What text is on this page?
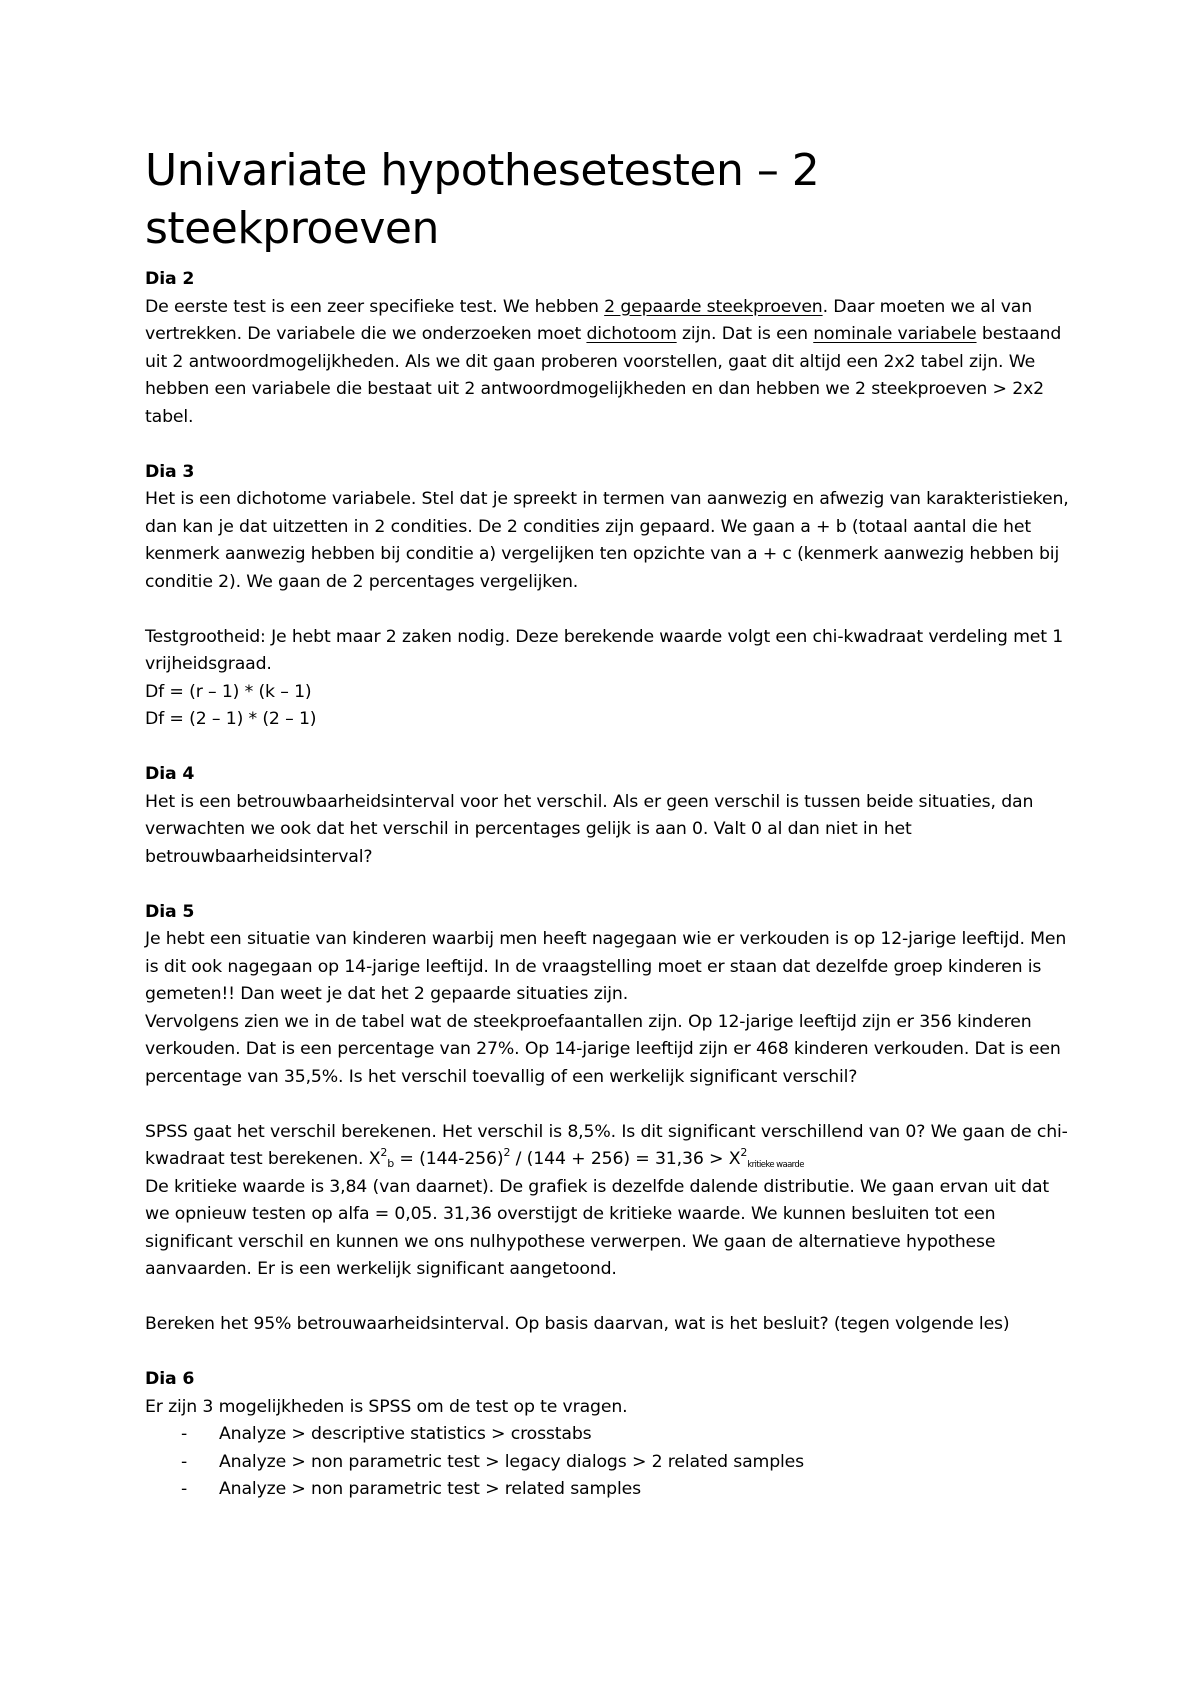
Univariate hypothesetesten – 2 steekproeven
Dia 2

De eerste test is een zeer specifieke test. We hebben 2 gepaarde steekproeven. Daar moeten we al van vertrekken. De variabele die we onderzoeken moet dichotoom zijn. Dat is een nominale variabele bestaand uit 2 antwoordmogelijkheden. Als we dit gaan proberen voorstellen, gaat dit altijd een 2x2 tabel zijn. We hebben een variabele die bestaat uit 2 antwoordmogelijkheden en dan hebben we 2 steekproeven > 2x2 tabel.

Dia 3

Het is een dichotome variabele. Stel dat je spreekt in termen van aanwezig en afwezig van karakteristieken, dan kan je dat uitzetten in 2 condities. De 2 condities zijn gepaard. We gaan a + b (totaal aantal die het kenmerk aanwezig hebben bij conditie a) vergelijken ten opzichte van a + c (kenmerk aanwezig hebben bij conditie 2). We gaan de 2 percentages vergelijken.

Testgrootheid: Je hebt maar 2 zaken nodig. Deze berekende waarde volgt een chi-kwadraat verdeling met 1 vrijheidsgraad.

Df = (r – 1) * (k – 1)

Df = (2 – 1) * (2 – 1)

Dia 4

Het is een betrouwbaarheidsinterval voor het verschil. Als er geen verschil is tussen beide situaties, dan verwachten we ook dat het verschil in percentages gelijk is aan 0. Valt 0 al dan niet in het betrouwbaarheidsinterval?

Dia 5

Je hebt een situatie van kinderen waarbij men heeft nagegaan wie er verkouden is op 12-jarige leeftijd. Men is dit ook nagegaan op 14-jarige leeftijd. In de vraagstelling moet er staan dat dezelfde groep kinderen is gemeten!! Dan weet je dat het 2 gepaarde situaties zijn.

Vervolgens zien we in de tabel wat de steekproefaantallen zijn. Op 12-jarige leeftijd zijn er 356 kinderen verkouden. Dat is een percentage van 27%. Op 14-jarige leeftijd zijn er 468 kinderen verkouden. Dat is een percentage van 35,5%. Is het verschil toevallig of een werkelijk significant verschil?

SPSS gaat het verschil berekenen. Het verschil is 8,5%. Is dit significant verschillend van 0? We gaan de chi-kwadraat test berekenen. $X^2_b = (144-256)^2 / (144 + 256) = 31,36 > X^2_{kritieke waarde}$

De kritieke waarde is 3,84 (van daarnet). De grafiek is dezelfde dalende distributie. We gaan ervan uit dat we opnieuw testen op alfa = 0,05. 31,36 overstijgt de kritieke waarde. We kunnen besluiten tot een significant verschil en kunnen we ons nulhypothese verwerpen. We gaan de alternatieve hypothese aanvaarden. Er is een werkelijk significant aangetoond.

Bereken het 95% betrouwaarheidsinterval. Op basis daarvan, wat is het besluit? (tegen volgende les)

Dia 6

Er zijn 3 mogelijkheden is SPSS om de test op te vragen.

- Analyze > descriptive statistics > crosstabs
- Analyze > non parametric test > legacy dialogs > 2 related samples
- Analyze > non parametric test > related samples
